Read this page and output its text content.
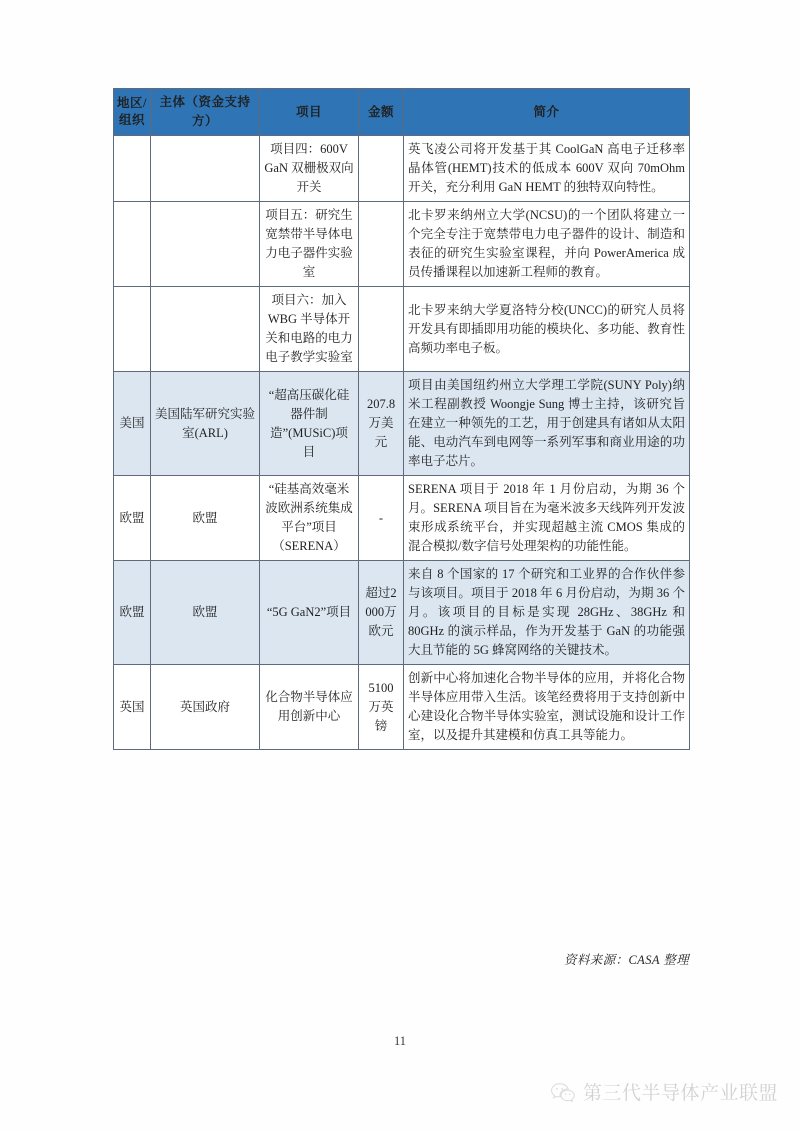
地区/组织	主体（资金支持方）	项目	金额	简介
		项目四：600V GaN 双栅极双向开关		英飞凌公司将开发基于其 CoolGaN 高电子迁移率晶体管(HEMT)技术的低成本 600V 双向 70mOhm 开关，充分利用 GaN HEMT 的独特双向特性。
		项目五：研究生宽禁带半导体电力电子器件实验室		北卡罗来纳州立大学(NCSU)的一个团队将建立一个完全专注于宽禁带电力电子器件的设计、制造和表征的研究生实验室课程，并向 PowerAmerica 成员传播课程以加速新工程师的教育。
		项目六：加入 WBG 半导体开关和电路的电力电子教学实验室		北卡罗来纳大学夏洛特分校(UNCC)的研究人员将开发具有即插即用功能的模块化、多功能、教育性高频功率电子板。
美国	美国陆军研究实验室(ARL)	“超高压碳化硅器件制造”(MUSiC)项目	207.8万美元	项目由美国纽约州立大学理工学院(SUNY Poly)纳米工程副教授 Woongje Sung 博士主持，该研究旨在建立一种领先的工艺，用于创建具有诸如从太阳能、电动汽车到电网等一系列军事和商业用途的功率电子芯片。
欧盟	欧盟	“硅基高效毫米波欧洲系统集成平台”项目（SERENA）	-	SERENA 项目于 2018 年 1 月份启动，为期 36 个月。SERENA 项目旨在为毫米波多天线阵列开发波束形成系统平台，并实现超越主流 CMOS 集成的混合模拟/数字信号处理架构的功能性能。
欧盟	欧盟	“5G GaN2”项目	超过2000万欧元	来自 8 个国家的 17 个研究和工业界的合作伙伴参与该项目。项目于 2018 年 6 月份启动，为期 36 个月。该项目的目标是实现 28GHz、38GHz 和 80GHz 的演示样品，作为开发基于 GaN 的功能强大且节能的 5G 蜂窝网络的关键技术。
英国	英国政府	化合物半导体应用创新中心	5100万英镑	创新中心将加速化合物半导体的应用，并将化合物半导体应用带入生活。该笔经费将用于支持创新中心建设化合物半导体实验室，测试设施和设计工作室，以及提升其建模和仿真工具等能力。
资料来源：CASA 整理
11
第三代半导体产业联盟
